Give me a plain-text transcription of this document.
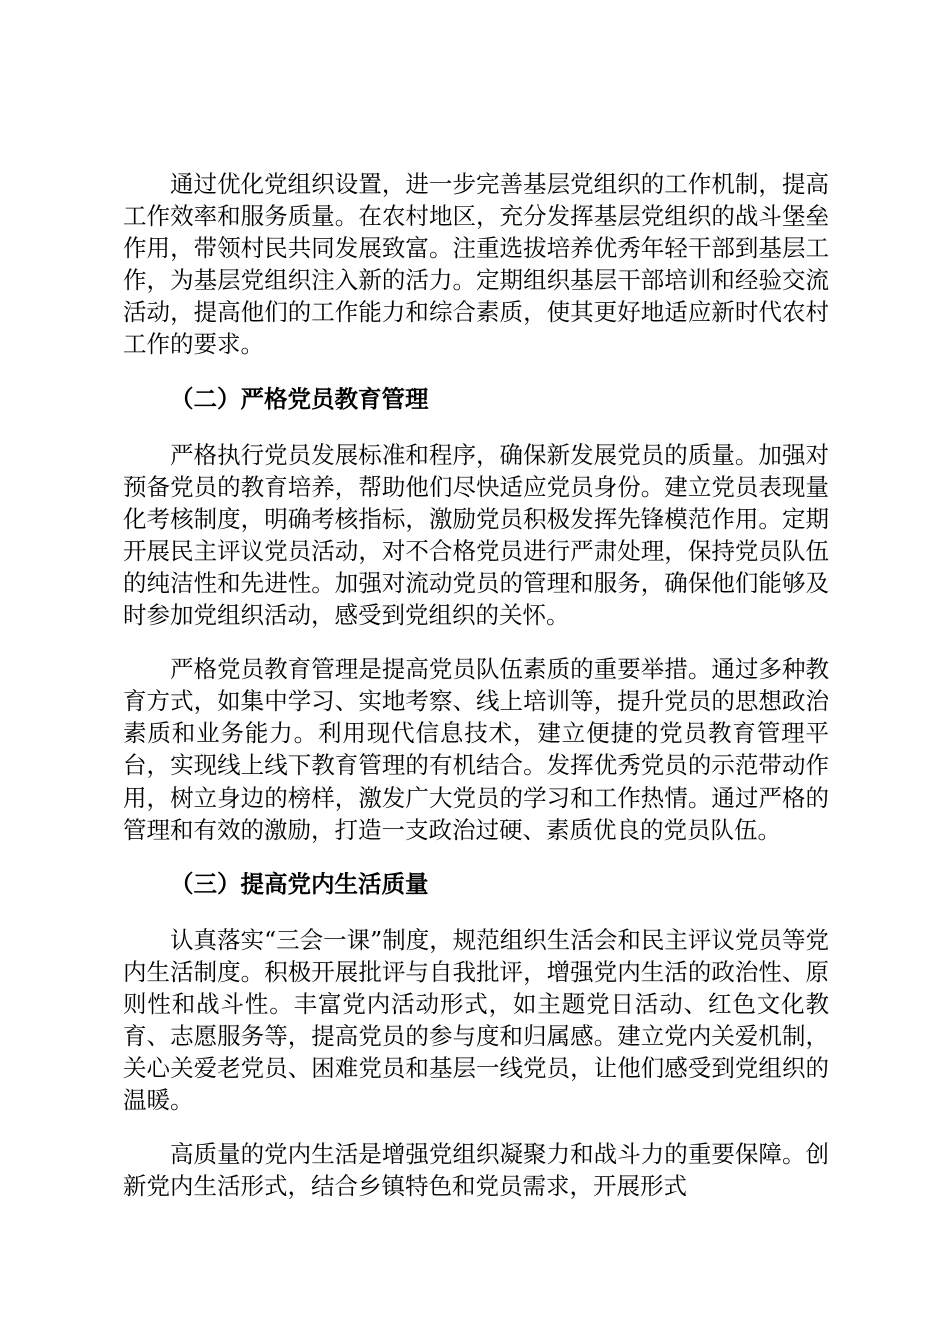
通过优化党组织设置，进一步完善基层党组织的工作机制，提高工作效率和服务质量。在农村地区，充分发挥基层党组织的战斗堡垒作用，带领村民共同发展致富。注重选拔培养优秀年轻干部到基层工作，为基层党组织注入新的活力。定期组织基层干部培训和经验交流活动，提高他们的工作能力和综合素质，使其更好地适应新时代农村工作的要求。

（二）严格党员教育管理

严格执行党员发展标准和程序，确保新发展党员的质量。加强对预备党员的教育培养，帮助他们尽快适应党员身份。建立党员表现量化考核制度，明确考核指标，激励党员积极发挥先锋模范作用。定期开展民主评议党员活动，对不合格党员进行严肃处理，保持党员队伍的纯洁性和先进性。加强对流动党员的管理和服务，确保他们能够及时参加党组织活动，感受到党组织的关怀。

严格党员教育管理是提高党员队伍素质的重要举措。通过多种教育方式，如集中学习、实地考察、线上培训等，提升党员的思想政治素质和业务能力。利用现代信息技术，建立便捷的党员教育管理平台，实现线上线下教育管理的有机结合。发挥优秀党员的示范带动作用，树立身边的榜样，激发广大党员的学习和工作热情。通过严格的管理和有效的激励，打造一支政治过硬、素质优良的党员队伍。

（三）提高党内生活质量

认真落实“三会一课”制度，规范组织生活会和民主评议党员等党内生活制度。积极开展批评与自我批评，增强党内生活的政治性、原则性和战斗性。丰富党内活动形式，如主题党日活动、红色文化教育、志愿服务等，提高党员的参与度和归属感。建立党内关爱机制，关心关爱老党员、困难党员和基层一线党员，让他们感受到党组织的温暖。

高质量的党内生活是增强党组织凝聚力和战斗力的重要保障。创新党内生活形式，结合乡镇特色和党员需求，开展形式
